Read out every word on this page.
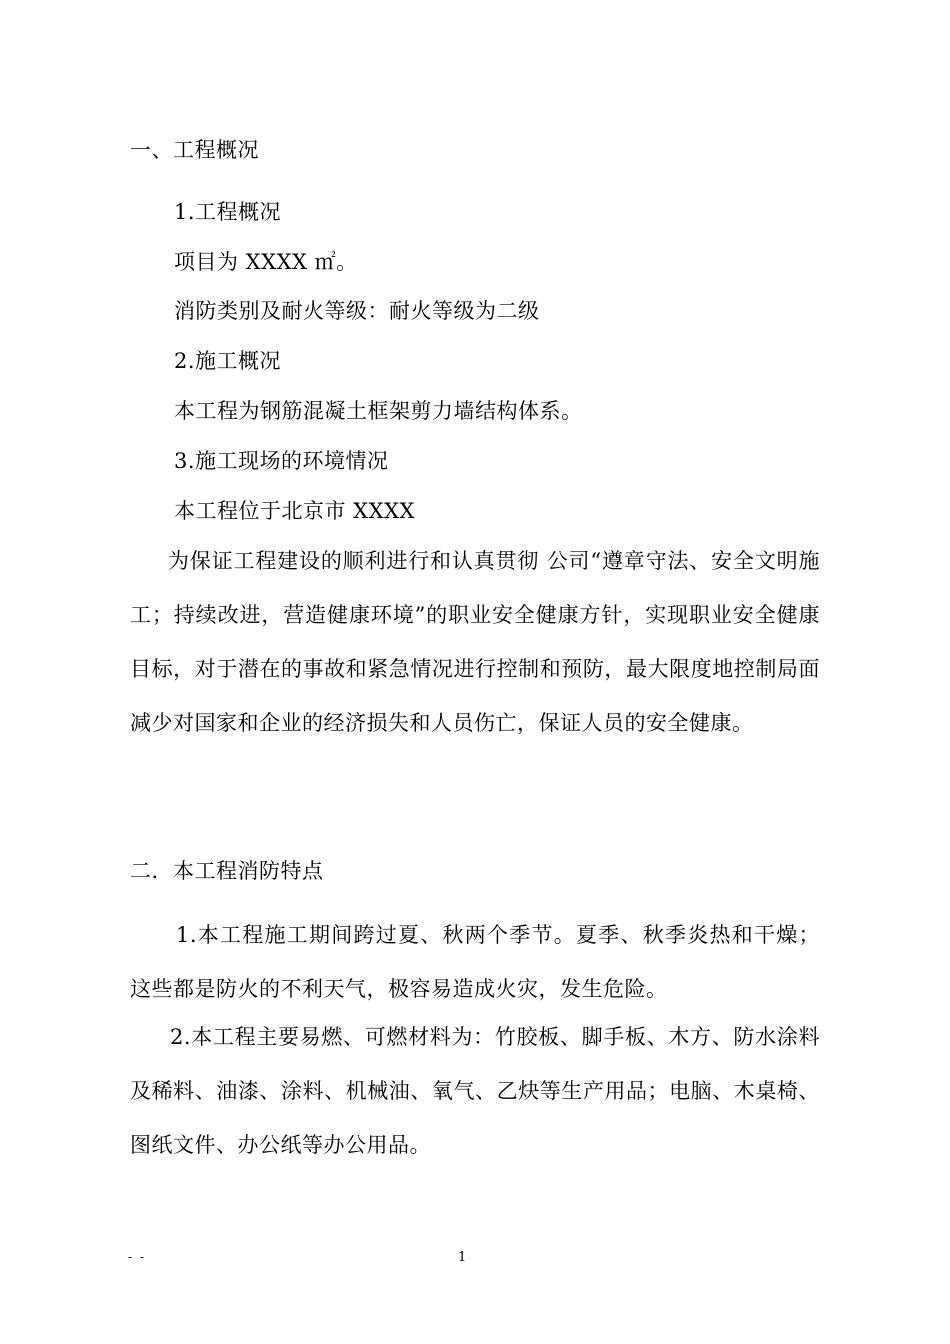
一、工程概况
1.工程概况
项目为 XXXX ㎡。
消防类别及耐火等级：耐火等级为二级
2.施工概况
本工程为钢筋混凝土框架剪力墙结构体系。
3.施工现场的环境情况
本工程位于北京市 XXXX
为保证工程建设的顺利进行和认真贯彻 公司“遵章守法、安全文明施工；持续改进，营造健康环境”的职业安全健康方针，实现职业安全健康目标，对于潜在的事故和紧急情况进行控制和预防，最大限度地控制局面减少对国家和企业的经济损失和人员伤亡，保证人员的安全健康。
二．本工程消防特点
1.本工程施工期间跨过夏、秋两个季节。夏季、秋季炎热和干燥；这些都是防火的不利天气，极容易造成火灾，发生危险。
2.本工程主要易燃、可燃材料为：竹胶板、脚手板、木方、防水涂料及稀料、油漆、涂料、机械油、氧气、乙炔等生产用品；电脑、木桌椅、图纸文件、办公纸等办公用品。
- -	1
